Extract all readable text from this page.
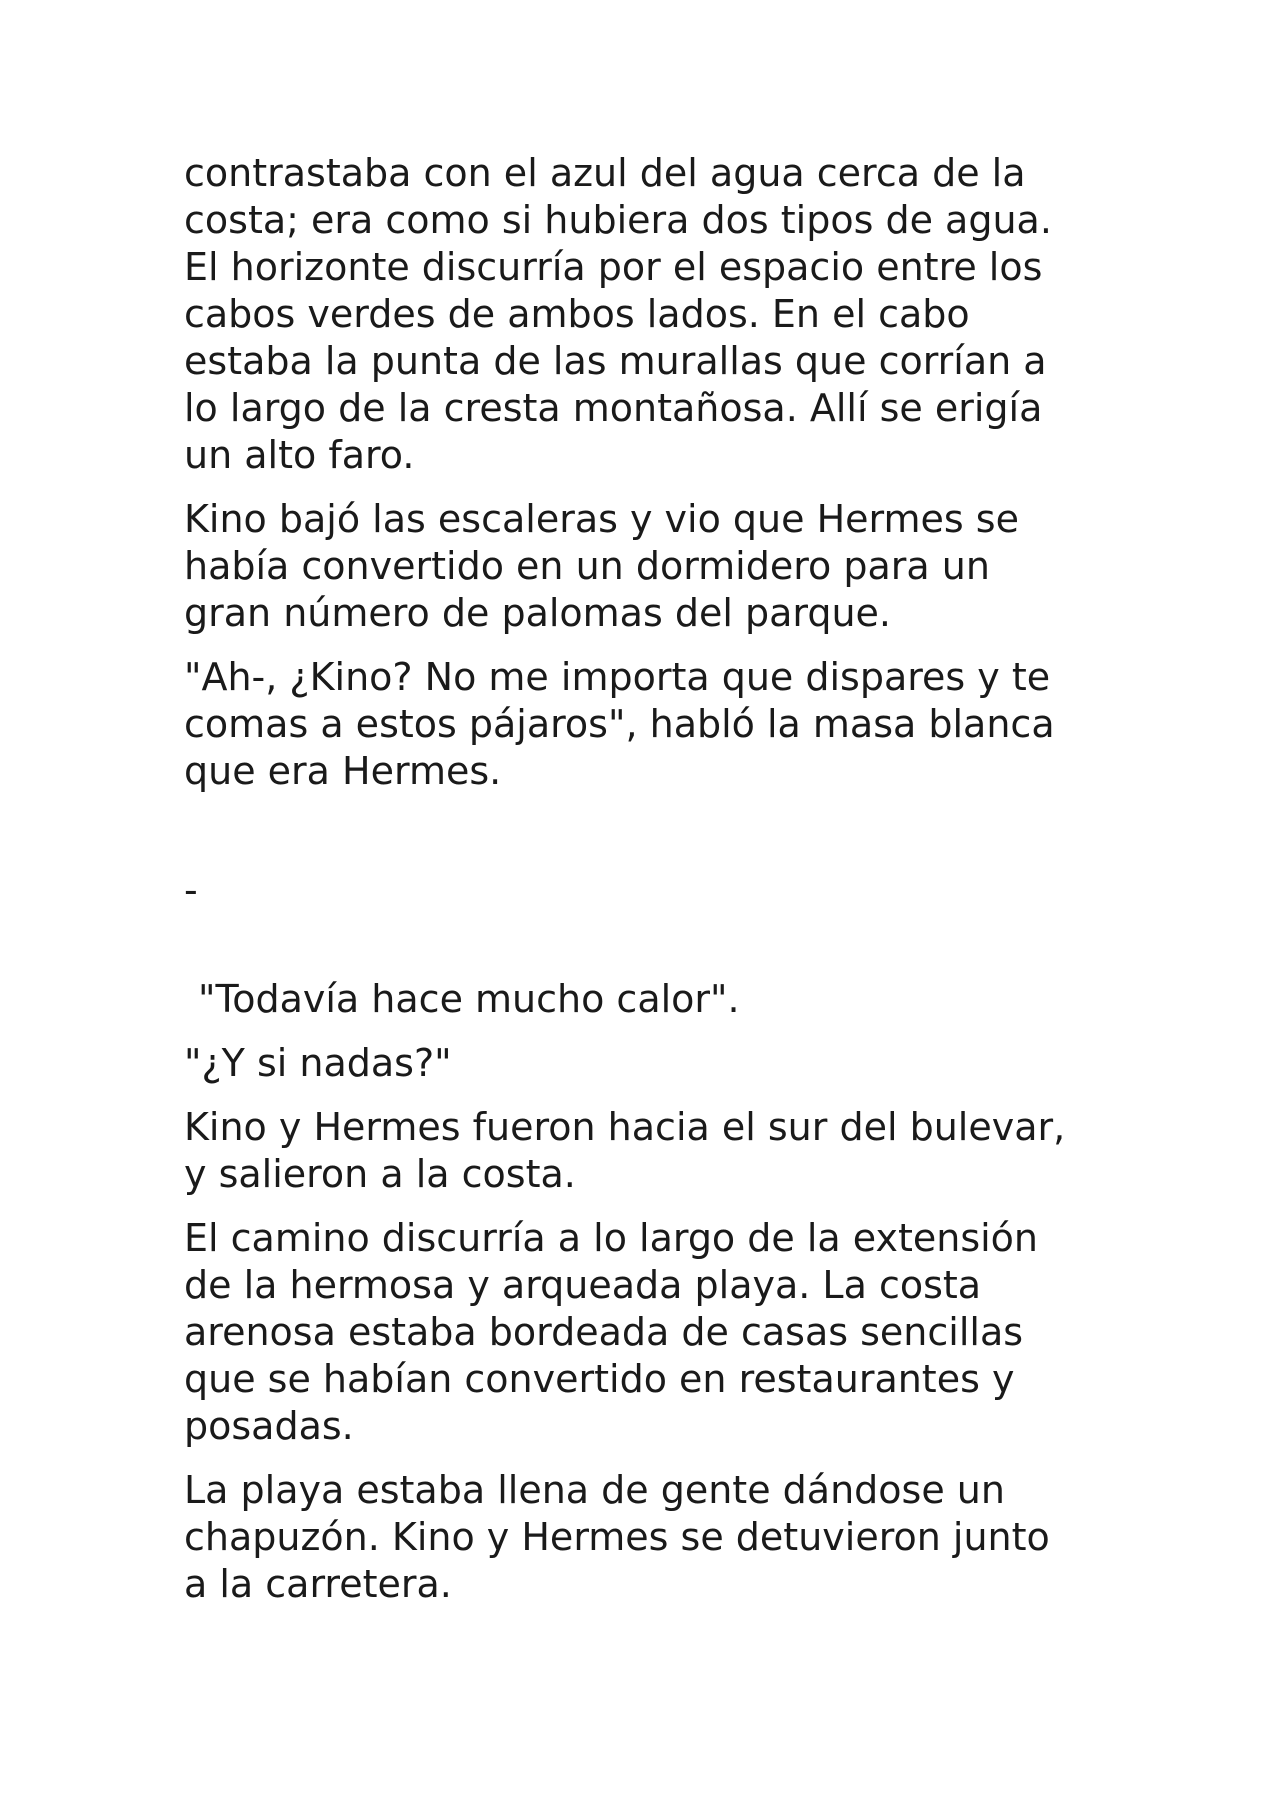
contrastaba con el azul del agua cerca de la
costa; era como si hubiera dos tipos de agua.
El horizonte discurría por el espacio entre los
cabos verdes de ambos lados. En el cabo
estaba la punta de las murallas que corrían a
lo largo de la cresta montañosa. Allí se erigía
un alto faro.

Kino bajó las escaleras y vio que Hermes se
había convertido en un dormidero para un
gran número de palomas del parque.

"Ah-, ¿Kino? No me importa que dispares y te
comas a estos pájaros", habló la masa blanca
que era Hermes.

-

"Todavía hace mucho calor".

"¿Y si nadas?"

Kino y Hermes fueron hacia el sur del bulevar,
y salieron a la costa.

El camino discurría a lo largo de la extensión
de la hermosa y arqueada playa. La costa
arenosa estaba bordeada de casas sencillas
que se habían convertido en restaurantes y
posadas.

La playa estaba llena de gente dándose un
chapuzón. Kino y Hermes se detuvieron junto
a la carretera.
